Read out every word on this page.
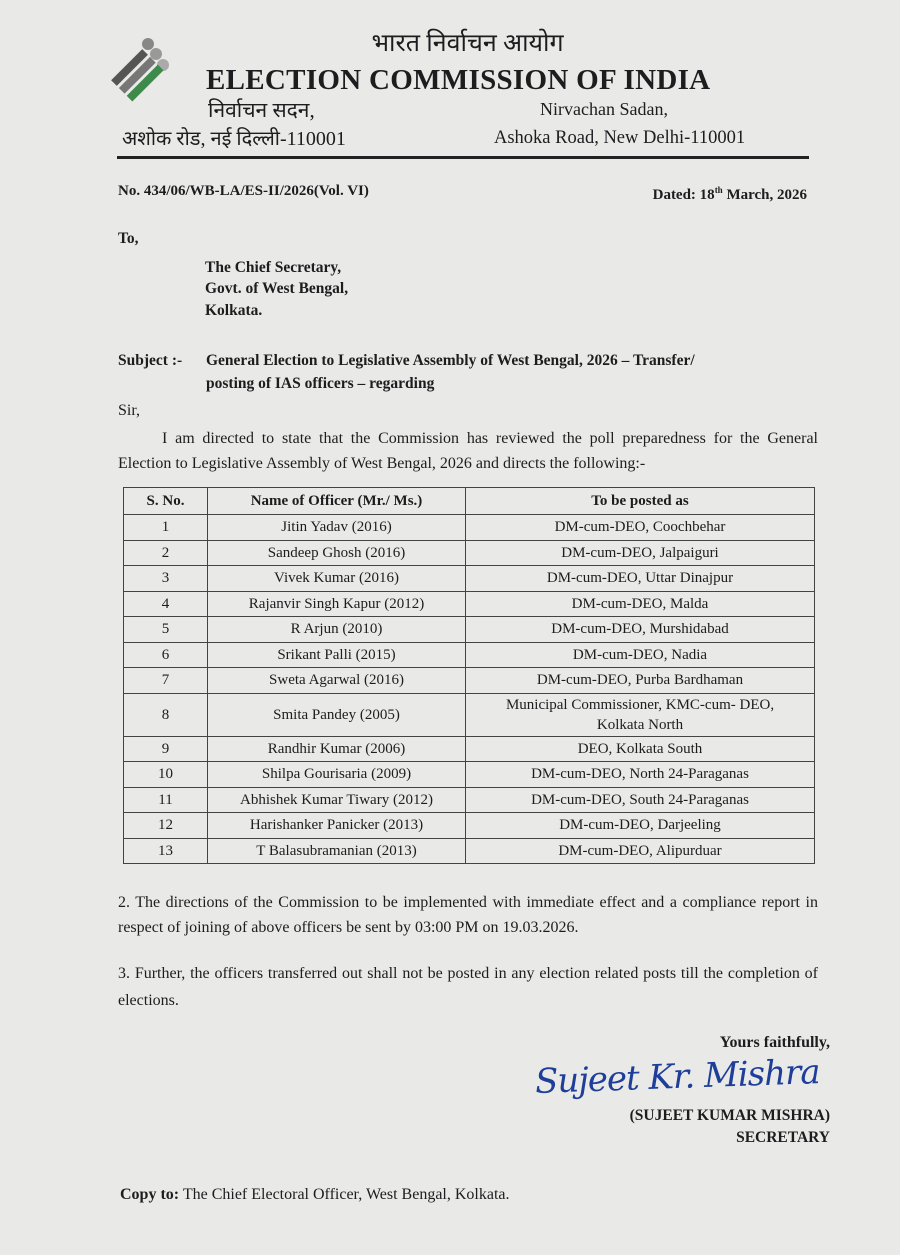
भारत निर्वाचन आयोग
ELECTION COMMISSION OF INDIA
निर्वाचन सदन,
अशोक रोड, नई दिल्ली-110001
Nirvachan Sadan,
Ashoka Road, New Delhi-110001
No. 434/06/WB-LA/ES-II/2026(Vol. VI)	Dated: 18th March, 2026
To,
The Chief Secretary,
Govt. of West Bengal,
Kolkata.
Subject :- General Election to Legislative Assembly of West Bengal, 2026 – Transfer/
posting of IAS officers – regarding
Sir,
I am directed to state that the Commission has reviewed the poll preparedness for the General Election to Legislative Assembly of West Bengal, 2026 and directs the following:-
S. No.	Name of Officer (Mr./ Ms.)	To be posted as
1	Jitin Yadav (2016)	DM-cum-DEO, Coochbehar
2	Sandeep Ghosh (2016)	DM-cum-DEO, Jalpaiguri
3	Vivek Kumar (2016)	DM-cum-DEO, Uttar Dinajpur
4	Rajanvir Singh Kapur (2012)	DM-cum-DEO, Malda
5	R Arjun (2010)	DM-cum-DEO, Murshidabad
6	Srikant Palli (2015)	DM-cum-DEO, Nadia
7	Sweta Agarwal (2016)	DM-cum-DEO, Purba Bardhaman
8	Smita Pandey (2005)	Municipal Commissioner, KMC-cum- DEO, Kolkata North
9	Randhir Kumar (2006)	DEO, Kolkata South
10	Shilpa Gourisaria (2009)	DM-cum-DEO, North 24-Paraganas
11	Abhishek Kumar Tiwary (2012)	DM-cum-DEO, South 24-Paraganas
12	Harishanker Panicker (2013)	DM-cum-DEO, Darjeeling
13	T Balasubramanian (2013)	DM-cum-DEO, Alipurduar
2. The directions of the Commission to be implemented with immediate effect and a compliance report in respect of joining of above officers be sent by 03:00 PM on 19.03.2026.
3. Further, the officers transferred out shall not be posted in any election related posts till the completion of elections.
Yours faithfully,
Sujeet Kr. Mishra
(SUJEET KUMAR MISHRA)
SECRETARY
Copy to: The Chief Electoral Officer, West Bengal, Kolkata.
